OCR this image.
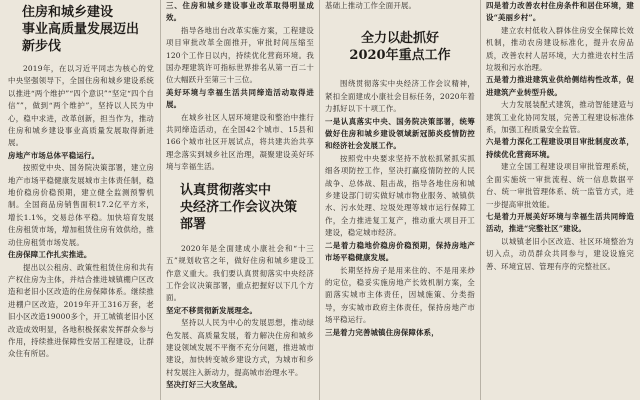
住房和城乡建设
事业高质量发展迈出
新步伐

2019年，在以习近平同志为核心的党中央坚强领导下，全国住房和城乡建设系统以推进“两个维护”“四个意识”“坚定“四个自信””，做到“两个维护”，坚持以人民为中心，稳中求进，改革创新，担当作为，推动住房和城乡建设事业高质量发展取得新进展。

房地产市场总体平稳运行。

按照党中央、国务院决策部署，建立房地产市场平稳健康发展城市主体责任制，稳地价稳房价稳预期，建立健全监测预警机制。全国商品房销售面积17.2亿平方米，增长1.1%，交易总体平稳。加快培育发展住房租赁市场，增加租赁住房有效供给，推动住房租赁市场发展。

住房保障工作扎实推进。

提出以公租房、政策性租赁住房和共有产权住房为主体，并结合推进城镇棚户区改造和老旧小区改造的住房保障体系。继续推进棚户区改造，2019年开工316万套，老旧小区改造19000多个，开工城镇老旧小区改造成效明显，各地积极探索发挥群众参与作用，持续推进保障性安居工程建设，让群众住有所居。

三、住房和城乡建设事业改革取得明显成效。

指导各地出台改革实施方案，工程建设项目审批改革全面推开，审批时间压缩至120个工作日以内，持续优化营商环境。我国办理建筑许可指标世界排名从第一百二十位大幅跃升至第三十三位。

美好环境与幸福生活共同缔造活动取得进展。

在城乡社区人居环境建设和整治中推行共同缔造活动，在全国42个城市、15县和166个城市社区开展试点，将共建共治共享理念落实到城乡社区治理，凝聚建设美好环境与幸福生活。

认真贯彻落实中
央经济工作会议决策
部署

2020年是全面建成小康社会和“十三五”规划收官之年，做好住房和城乡建设工作意义重大。我们要认真贯彻落实中央经济工作会议决策部署，重点把握好以下几个方面。

坚定不移贯彻新发展理念。

坚持以人民为中心的发展思想，推动绿色发展、高质量发展，着力解决住房和城乡建设领域发展不平衡不充分问题，推进城市建设，加快转变城乡建设方式，为城市和乡村发展注入新动力，提高城市治理水平。

坚决打好三大攻坚战。

基础上推动工作全面开展。

全力以赴抓好
2020年重点工作

围绕贯彻落实中央经济工作会议精神，紧扣全面建成小康社会目标任务，2020年着力抓好以下十项工作。

一是认真落实中央、国务院决策部署，统筹做好住房和城乡建设领域新冠肺炎疫情防控和经济社会发展工作。

按照党中央要求坚持不放松抓紧抓实抓细各项防控工作，坚决打赢疫情防控的人民战争、总体战、阻击战，指导各地住房和城乡建设部门切实做好城市物业服务、城镇供水、污水处理、垃圾处理等城市运行保障工作，全力推进复工复产，推动重大项目开工建设，稳定城市经济。

二是着力稳地价稳房价稳预期，保持房地产市场平稳健康发展。

长期坚持房子是用来住的、不是用来炒的定位，稳妥实施房地产长效机制方案，全面落实城市主体责任，因城施策、分类指导，夯实城市政府主体责任，保持房地产市场平稳运行。

三是着力完善城镇住房保障体系，

四是着力改善农村住房条件和居住环境，建设“美丽乡村”。

建立农村低收入群体住房安全保障长效机制，推动农房建设标准化，提升农房品质，改善农村人居环境，大力推进农村生活垃圾和污水治理。

五是着力推进建筑业供给侧结构性改革，促进建筑产业转型升级。

大力发展装配式建筑，推动智能建造与建筑工业化协同发展，完善工程建设标准体系，加强工程质量安全监管。

六是着力深化工程建设项目审批制度改革，持续优化营商环境。

建立全国工程建设项目审批管理系统，全面实施统一审批流程、统一信息数据平台、统一审批管理体系、统一监管方式，进一步提高审批效能。

七是着力开展美好环境与幸福生活共同缔造活动，推进“完整社区”建设。

以城镇老旧小区改造、社区环境整治为切入点，动员群众共同参与，建设设施完善、环境宜居、管理有序的完整社区。
